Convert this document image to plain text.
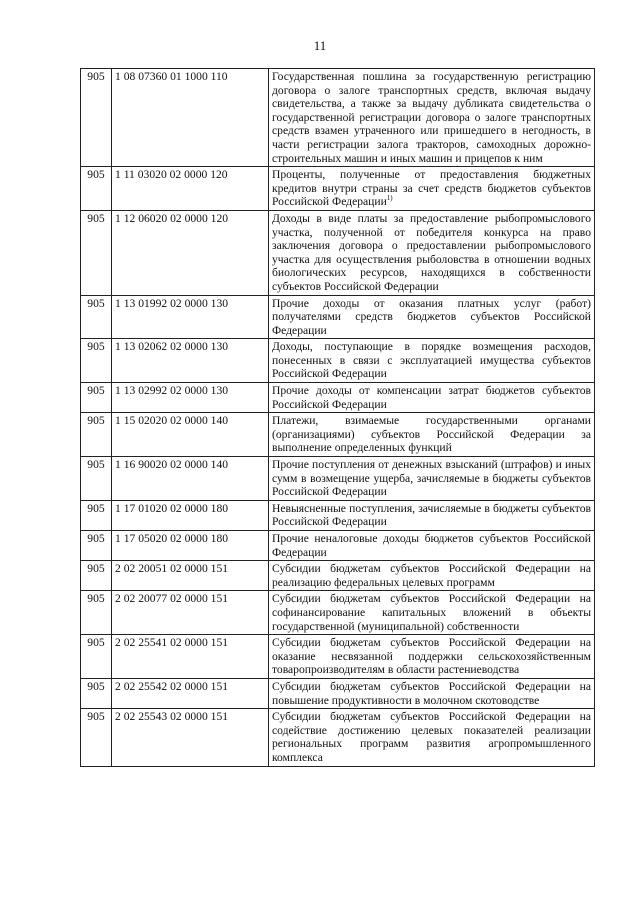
11
905	1 08 07360 01 1000 110	Государственная пошлина за государственную регистрацию договора о залоге транспортных средств, включая выдачу свидетельства, а также за выдачу дубликата свидетельства о государственной регистрации договора о залоге транспортных средств взамен утраченного или пришедшего в негодность, в части регистрации залога тракторов, самоходных дорожно-строительных машин и иных машин и прицепов к ним
905	1 11 03020 02 0000 120	Проценты, полученные от предоставления бюджетных кредитов внутри страны за счет средств бюджетов субъектов Российской Федерации$^{1)}$
905	1 12 06020 02 0000 120	Доходы в виде платы за предоставление рыбопромыслового участка, полученной от победителя конкурса на право заключения договора о предоставлении рыбопромыслового участка для осуществления рыболовства в отношении водных биологических ресурсов, находящихся в собственности субъектов Российской Федерации
905	1 13 01992 02 0000 130	Прочие доходы от оказания платных услуг (работ) получателями средств бюджетов субъектов Российской Федерации
905	1 13 02062 02 0000 130	Доходы, поступающие в порядке возмещения расходов, понесенных в связи с эксплуатацией имущества субъектов Российской Федерации
905	1 13 02992 02 0000 130	Прочие доходы от компенсации затрат бюджетов субъектов Российской Федерации
905	1 15 02020 02 0000 140	Платежи, взимаемые государственными органами (организациями) субъектов Российской Федерации за выполнение определенных функций
905	1 16 90020 02 0000 140	Прочие поступления от денежных взысканий (штрафов) и иных сумм в возмещение ущерба, зачисляемые в бюджеты субъектов Российской Федерации
905	1 17 01020 02 0000 180	Невыясненные поступления, зачисляемые в бюджеты субъектов Российской Федерации
905	1 17 05020 02 0000 180	Прочие неналоговые доходы бюджетов субъектов Российской Федерации
905	2 02 20051 02 0000 151	Субсидии бюджетам субъектов Российской Федерации на реализацию федеральных целевых программ
905	2 02 20077 02 0000 151	Субсидии бюджетам субъектов Российской Федерации на софинансирование капитальных вложений в объекты государственной (муниципальной) собственности
905	2 02 25541 02 0000 151	Субсидии бюджетам субъектов Российской Федерации на оказание несвязанной поддержки сельскохозяйственным товаропроизводителям в области растениеводства
905	2 02 25542 02 0000 151	Субсидии бюджетам субъектов Российской Федерации на повышение продуктивности в молочном скотоводстве
905	2 02 25543 02 0000 151	Субсидии бюджетам субъектов Российской Федерации на содействие достижению целевых показателей реализации региональных программ развития агропромышленного комплекса
